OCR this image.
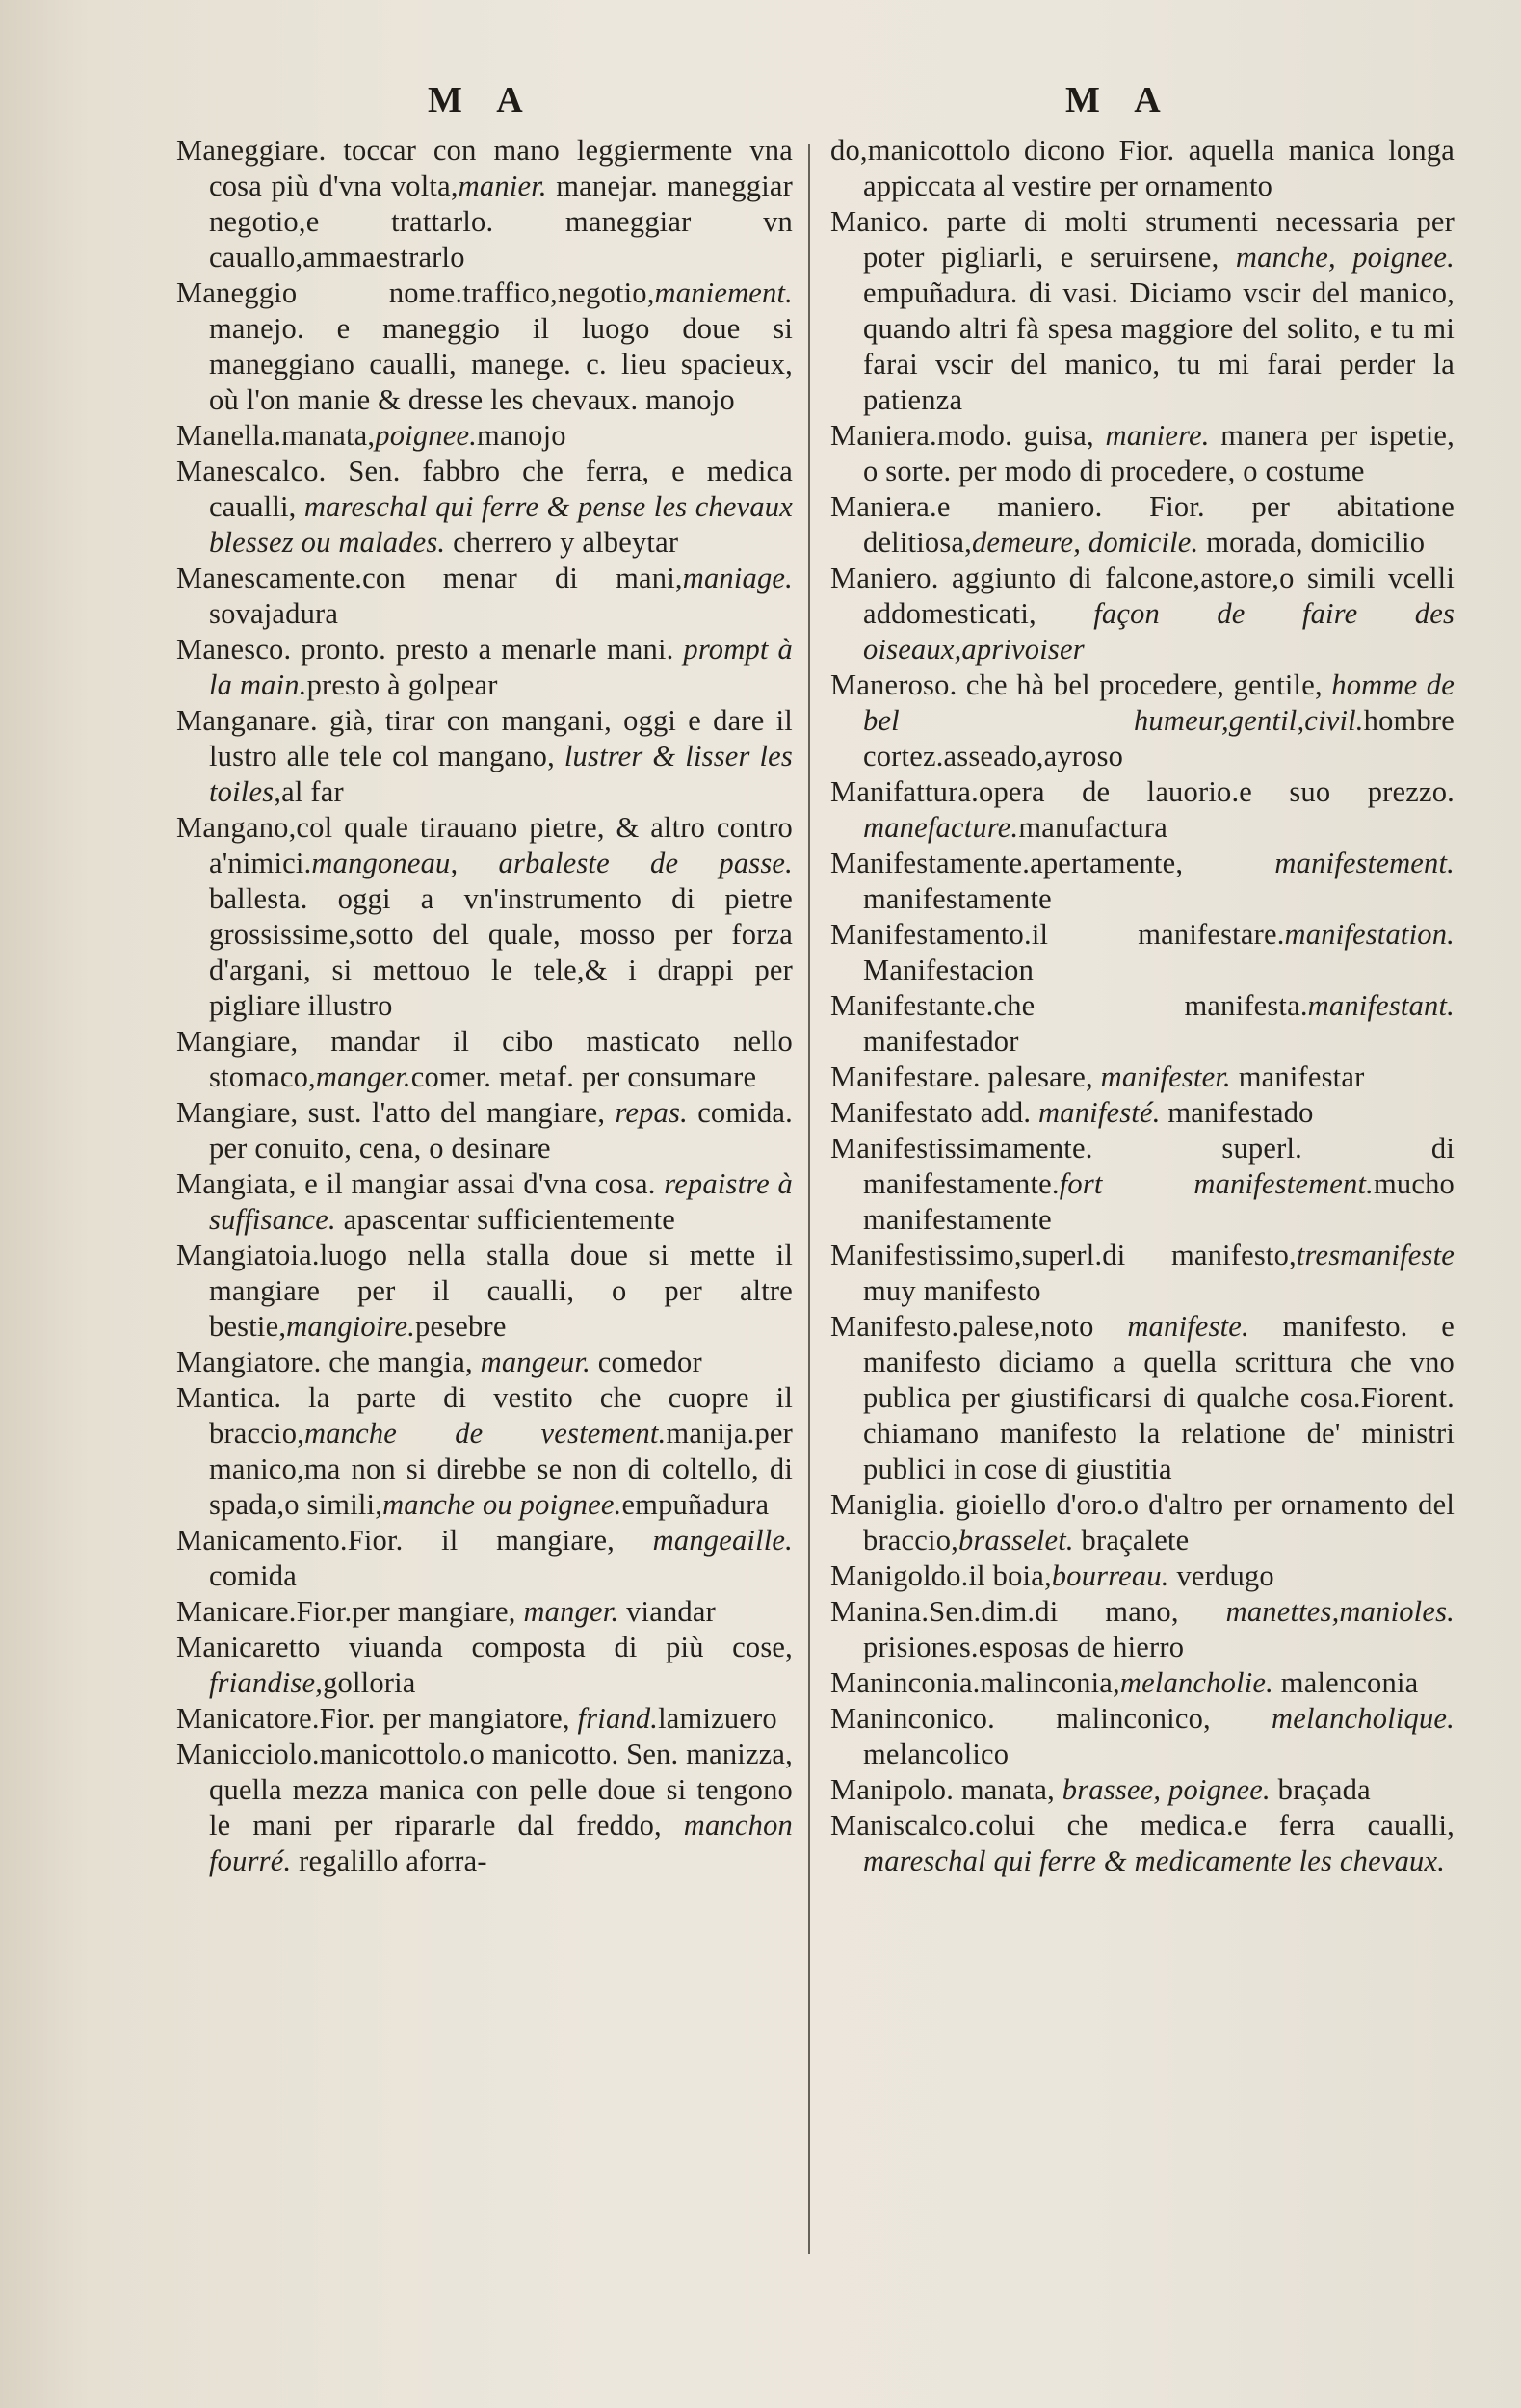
M A	M A

Maneggiare. toccar con mano leggiermente vna cosa più d'vna volta,manier. manejar. maneggiar negotio,e trattarlo. maneggiar vn cauallo,ammaestrarlo

Maneggio nome.traffico,negotio,maniement. manejo. e maneggio il luogo doue si maneggiano caualli, manege. c. lieu spacieux, où l'on manie & dresse les chevaux. manojo

Manella.manata,poignee.manojo

Manescalco. Sen. fabbro che ferra, e medica caualli, mareschal qui ferre & pense les chevaux blessez ou malades. cherrero y albeytar

Manescamente.con menar di mani,maniage. sovajadura

Manesco. pronto. presto a menarle mani. prompt à la main.presto à golpear

Manganare. già, tirar con mangani, oggi e dare il lustro alle tele col mangano, lustrer & lisser les toiles,al far

Mangano,col quale tirauano pietre, & altro contro a'nimici.mangoneau, arbaleste de passe. ballesta. oggi a vn'instrumento di pietre grossissime,sotto del quale, mosso per forza d'argani, si mettouo le tele,& i drappi per pigliare illustro

Mangiare, mandar il cibo masticato nello stomaco,manger.comer. metaf. per consumare

Mangiare, sust. l'atto del mangiare, repas. comida. per conuito, cena, o desinare

Mangiata, e il mangiar assai d'vna cosa. repaistre à suffisance. apascentar sufficientemente

Mangiatoia.luogo nella stalla doue si mette il mangiare per il caualli, o per altre bestie,mangioire.pesebre

Mangiatore. che mangia, mangeur. comedor

Mantica. la parte di vestito che cuopre il braccio,manche de vestement.manija.per manico,ma non si direbbe se non di coltello, di spada,o simili,manche ou poignee.empuñadura

Manicamento.Fior. il mangiare, mangeaille. comida

Manicare.Fior.per mangiare, manger. viandar

Manicaretto viuanda composta di più cose, friandise,golloria

Manicatore.Fior. per mangiatore, friand.lamizuero

Manicciolo.manicottolo.o manicotto. Sen. manizza, quella mezza manica con pelle doue si tengono le mani per ripararle dal freddo, manchon fourré. regalillo aforra-

do,manicottolo dicono Fior. aquella manica longa appiccata al vestire per ornamento

Manico. parte di molti strumenti necessaria per poter pigliarli, e seruirsene, manche, poignee. empuñadura. di vasi. Diciamo vscir del manico, quando altri fà spesa maggiore del solito, e tu mi farai vscir del manico, tu mi farai perder la patienza

Maniera.modo. guisa, maniere. manera per ispetie, o sorte. per modo di procedere, o costume

Maniera.e maniero. Fior. per abitatione delitiosa,demeure, domicile. morada, domicilio

Maniero. aggiunto di falcone,astore,o simili vcelli addomesticati, façon de faire des oiseaux,aprivoiser

Maneroso. che hà bel procedere, gentile, homme de bel humeur,gentil,civil.hombre cortez.asseado,ayroso

Manifattura.opera de lauorio.e suo prezzo. manefacture.manufactura

Manifestamente.apertamente, manifestement. manifestamente

Manifestamento.il manifestare.manifestation. Manifestacion

Manifestante.che manifesta.manifestant. manifestador

Manifestare. palesare, manifester. manifestar

Manifestato add. manifesté. manifestado

Manifestissimamente. superl. di manifestamente.fort manifestement.mucho manifestamente

Manifestissimo,superl.di manifesto,tresmanifeste muy manifesto

Manifesto.palese,noto manifeste. manifesto. e manifesto diciamo a quella scrittura che vno publica per giustificarsi di qualche cosa.Fiorent. chiamano manifesto la relatione de' ministri publici in cose di giustitia

Maniglia. gioiello d'oro.o d'altro per ornamento del braccio,brasselet. braçalete

Manigoldo.il boia,bourreau. verdugo

Manina.Sen.dim.di mano, manettes,manioles. prisiones.esposas de hierro

Maninconia.malinconia,melancholie. malenconia

Maninconico. malinconico, melancholique. melancolico

Manipolo. manata, brassee, poignee. braçada

Maniscalco.colui che medica.e ferra caualli, mareschal qui ferre & medicamente les chevaux.
